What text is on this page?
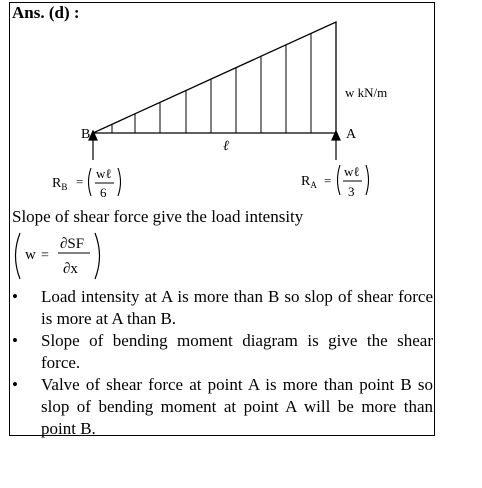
Ans. (d) :
B	A
w kN/m
ℓ
$R_B$ =
wℓ
6
$R_A$ =
wℓ
3
w =
∂SF
∂x
Slope of shear force give the load intensity
• Load intensity at A is more than B so slop of shear force is more at A than B.
• Slope of bending moment diagram is give the shear force.
• Valve of shear force at point A is more than point B so slop of bending moment at point A will be more than point B.
